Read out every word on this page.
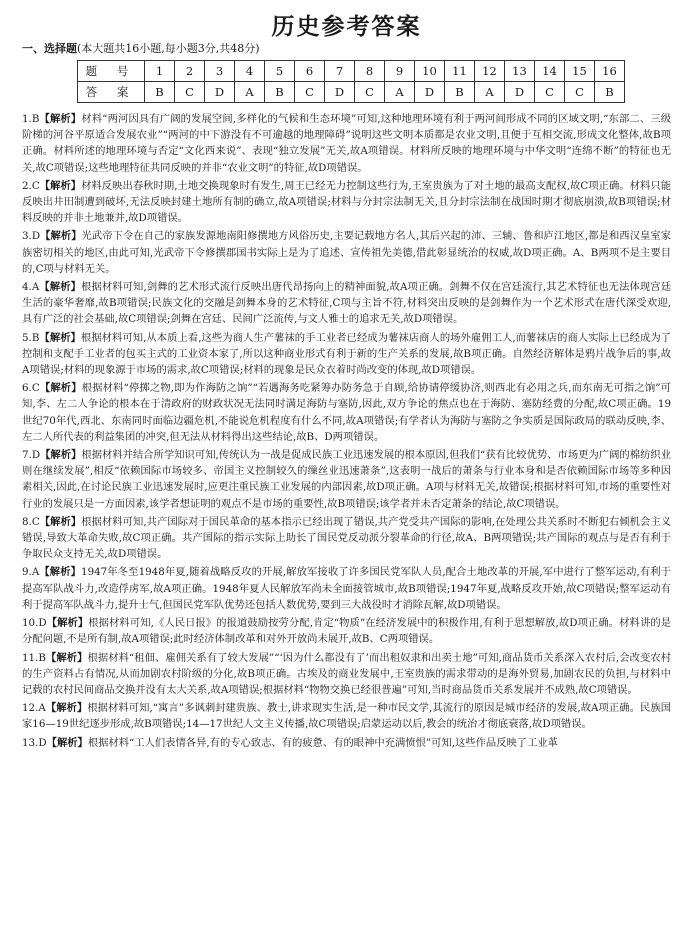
历史参考答案
一、选择题(本大题共16小题,每小题3分,共48分)
题 号	1	2	3	4	5	6	7	8	9	10	11	12	13	14	15	16
答 案	B	C	D	A	B	C	D	C	A	D	B	A	D	C	C	B

1.B【解析】材料“两河因具有广阔的发展空间,多样化的气候和生态环境”可知,这种地理环境有利于两河间形成不同的区域文明,“东部二、三级阶梯的河谷平原适合发展农业”“两河的中下游没有不可逾越的地理障碍”说明这些文明本质都是农业文明,且便于互相交流,形成文化整体,故B项正确。材料所述的地理环境与否定“文化西来说”、表现“独立发展”无关,故A项错误。材料所反映的地理环境与中华文明“连绵不断”的特征也无关,故C项错误;这些地理特征共同反映的并非“农业文明”的特征,故D项错误。

2.C【解析】材料反映出春秋时期,土地交换现象时有发生,周王已经无力控制这些行为,王室贵族为了对土地的最高支配权,故C项正确。材料只能反映出井田制遭到破坏,无法反映封建土地所有制的确立,故A项错误;材料与分封宗法制无关,且分封宗法制在战国时期才彻底崩溃,故B项错误;材料反映的并非土地兼并,故D项错误。

3.D【解析】光武帝下令在自己的家族发源地南阳修撰地方风俗历史,主要记载地方名人,其后兴起的沛、三辅、鲁和庐江地区,都是和西汉皇室家族密切相关的地区,由此可知,光武帝下令修撰郡国书实际上是为了追述、宣传祖先美德,借此彰显统治的权威,故D项正确。A、B两项不是主要目的,C项与材料无关。

4.A【解析】根据材料可知,剑舞的艺术形式流行反映出唐代昂扬向上的精神面貌,故A项正确。剑舞不仅在宫廷流行,其艺术特征也无法体现宫廷生活的豪华奢靡,故B项错误;民族文化的交融是剑舞本身的艺术特征,C项与主旨不符,材料突出反映的是剑舞作为一个艺术形式在唐代深受欢迎,具有广泛的社会基础,故C项错误;剑舞在宫廷、民间广泛流传,与文人雅士的追求无关,故D项错误。

5.B【解析】根据材料可知,从本质上看,这些为商人生产薯袜的手工业者已经成为薯袜店商人的场外雇佣工人,而薯袜店的商人实际上已经成为了控制和支配手工业者的包买主式的工业资本家了,所以这种商业形式有利于新的生产关系的发展,故B项正确。自然经济解体是鸦片战争后的事,故A项错误;材料的现象源于市场的需求,故C项错误;材料的现象是民众衣着时尚改变的体现,故D项错误。

6.C【解析】根据材料“停掷之物,即为作海防之饷”“若遇海务吃紧筹办防务急于自顾,给协请停缓协济,则西北有必用之兵,而东南无可指之饷”可知,李、左二人争论的根本在于清政府的财政状况无法同时满足海防与塞防,因此,双方争论的焦点也在于海防、塞防经费的分配,故C项正确。19世纪70年代,西北、东南同时面临边疆危机,不能说危机程度有什么不同,故A项错误;有学者认为海防与塞防之争实质是国际政局的联动反映,李、左二人所代表的利益集团的冲突,但无法从材料得出这些结论,故B、D两项错误。

7.D【解析】根据材料并结合所学知识可知,传统认为一战是促成民族工业迅速发展的根本原因,但我们“获有比较优势、市场更为广阔的棉纺织业则在继续发展”,相反“依赖国际市场较多、帝国主义控制较久的缫丝业迅速萧条”,这表明一战后的萧条与行业本身和是否依赖国际市场等多种因素相关,因此,在讨论民族工业迅速发展时,应更注重民族工业发展的内部因素,故D项正确。A项与材料无关,故错误;根据材料可知,市场的重要性对行业的发展只是一方面因素,该学者想证明的观点不是市场的重要性,故B项错误;该学者并未否定萧条的结论,故C项错误。

8.C【解析】根据材料可知,共产国际对于国民革命的基本指示已经出现了错误,共产党受共产国际的影响,在处理公共关系时不断犯右倾机会主义错误,导致大革命失败,故C项正确。共产国际的指示实际上助长了国民党反动派分裂革命的行径,故A、B两项错误;共产国际的观点与是否有利于争取民众支持无关,故D项错误。

9.A【解析】1947年冬至1948年夏,随着战略反攻的开展,解放军接收了许多国民党军队人员,配合土地改革的开展,军中进行了整军运动,有利于提高军队战斗力,改造俘虏军,故A项正确。1948年夏人民解放军尚未全面接管城市,故B项错误;1947年夏,战略反攻开始,故C项错误;整军运动有利于提高军队战斗力,提升士气,但国民党军队优势还包括人数优势,要到三大战役时才消除瓦解,故D项错误。

10.D【解析】根据材料可知,《人民日报》的报道鼓励按劳分配,肯定“物质”在经济发展中的积极作用,有利于思想解放,故D项正确。材料讲的是分配问题,不是所有制,故A项错误;此时经济体制改革和对外开放尚未展开,故B、C两项错误。

11.B【解析】根据材料“租佃、雇佣关系有了较大发展”“‘因为什么都没有了’而出租奴隶和出卖土地”可知,商品货币关系深入农村后,会改变农村的生产资料占有情况,从而加剧农村阶级的分化,故B项正确。古埃及的商业发展中,王室贵族的需求带动的是海外贸易,加剧农民的负担,与材料中记载的农村民间商品交换并没有太大关系,故A项错误;根据材料“物物交换已经很普遍”可知,当时商品货币关系发展并不成熟,故C项错误。

12.A【解析】根据材料可知,“寓言”多讽刺封建贵族、教士,讲求现实生活,是一种市民文学,其流行的原因是城市经济的发展,故A项正确。民族国家16—19世纪逐步形成,故B项错误;14—17世纪人文主义传播,故C项错误;启蒙运动以后,教会的统治才彻底衰落,故D项错误。

13.D【解析】根据材料“工人们表情各异,有的专心致志、有的疲惫、有的眼神中充满愤恨”可知,这些作品反映了工业革
